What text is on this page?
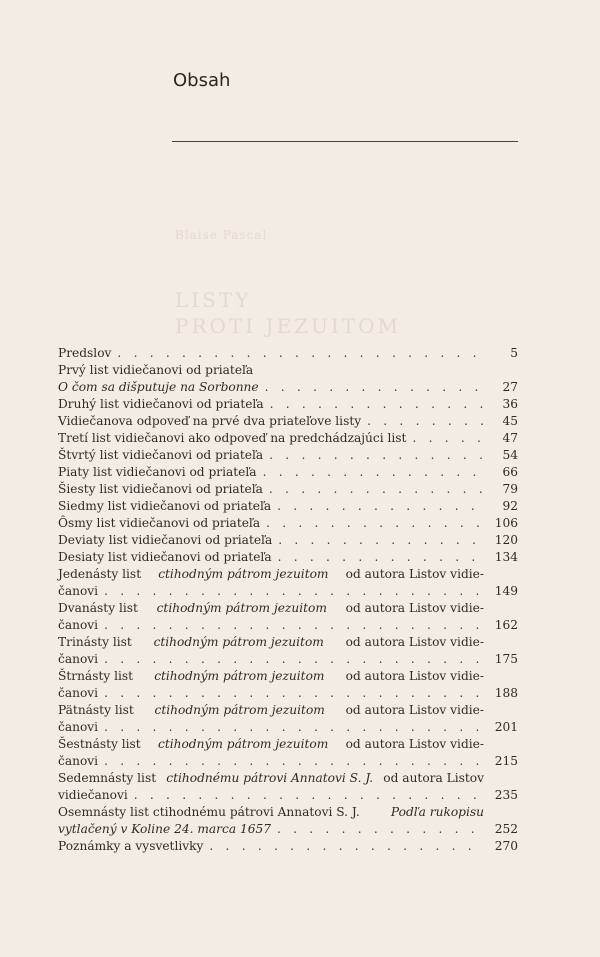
Obsah
Blaise Pascal
LISTY
PROTI JEZUITOM
Predslov . . .	5
Prvý list vidiečanovi od priateľa
O čom sa dišputuje na Sorbonne . . .	27
Druhý list vidiečanovi od priateľa . . .	36
Vidiečanova odpoveď na prvé dva priateľove listy . . .	45
Tretí list vidiečanovi ako odpoveď na predchádzajúci list . . .	47
Štvrtý list vidiečanovi od priateľa . . .	54
Piaty list vidiečanovi od priateľa . . .	66
Šiesty list vidiečanovi od priateľa . . .	79
Siedmy list vidiečanovi od priateľa . . .	92
Ôsmy list vidiečanovi od priateľa . . .	106
Deviaty list vidiečanovi od priateľa . . .	120
Desiaty list vidiečanovi od priateľa . . .	134
Jedenásty list ctihodným pátrom jezuitom od autora Listov vidie-
čanovi . . .	149
Dvanásty list ctihodným pátrom jezuitom od autora Listov vidie-
čanovi . . .	162
Trinásty list ctihodným pátrom jezuitom od autora Listov vidie-
čanovi . . .	175
Štrnásty list ctihodným pátrom jezuitom od autora Listov vidie-
čanovi . . .	188
Pätnásty list ctihodným pátrom jezuitom od autora Listov vidie-
čanovi . . .	201
Šestnásty list ctihodným pátrom jezuitom od autora Listov vidie-
čanovi . . .	215
Sedemnásty list ctihodnému pátrovi Annatovi S. J. od autora Listov
vidiečanovi . . .	235
Osemnásty list ctihodnému pátrovi Annatovi S. J.	Podľa rukopisu
vytlačený v Koline 24. marca 1657 . . .	252
Poznámky a vysvetlivky . . .	270
